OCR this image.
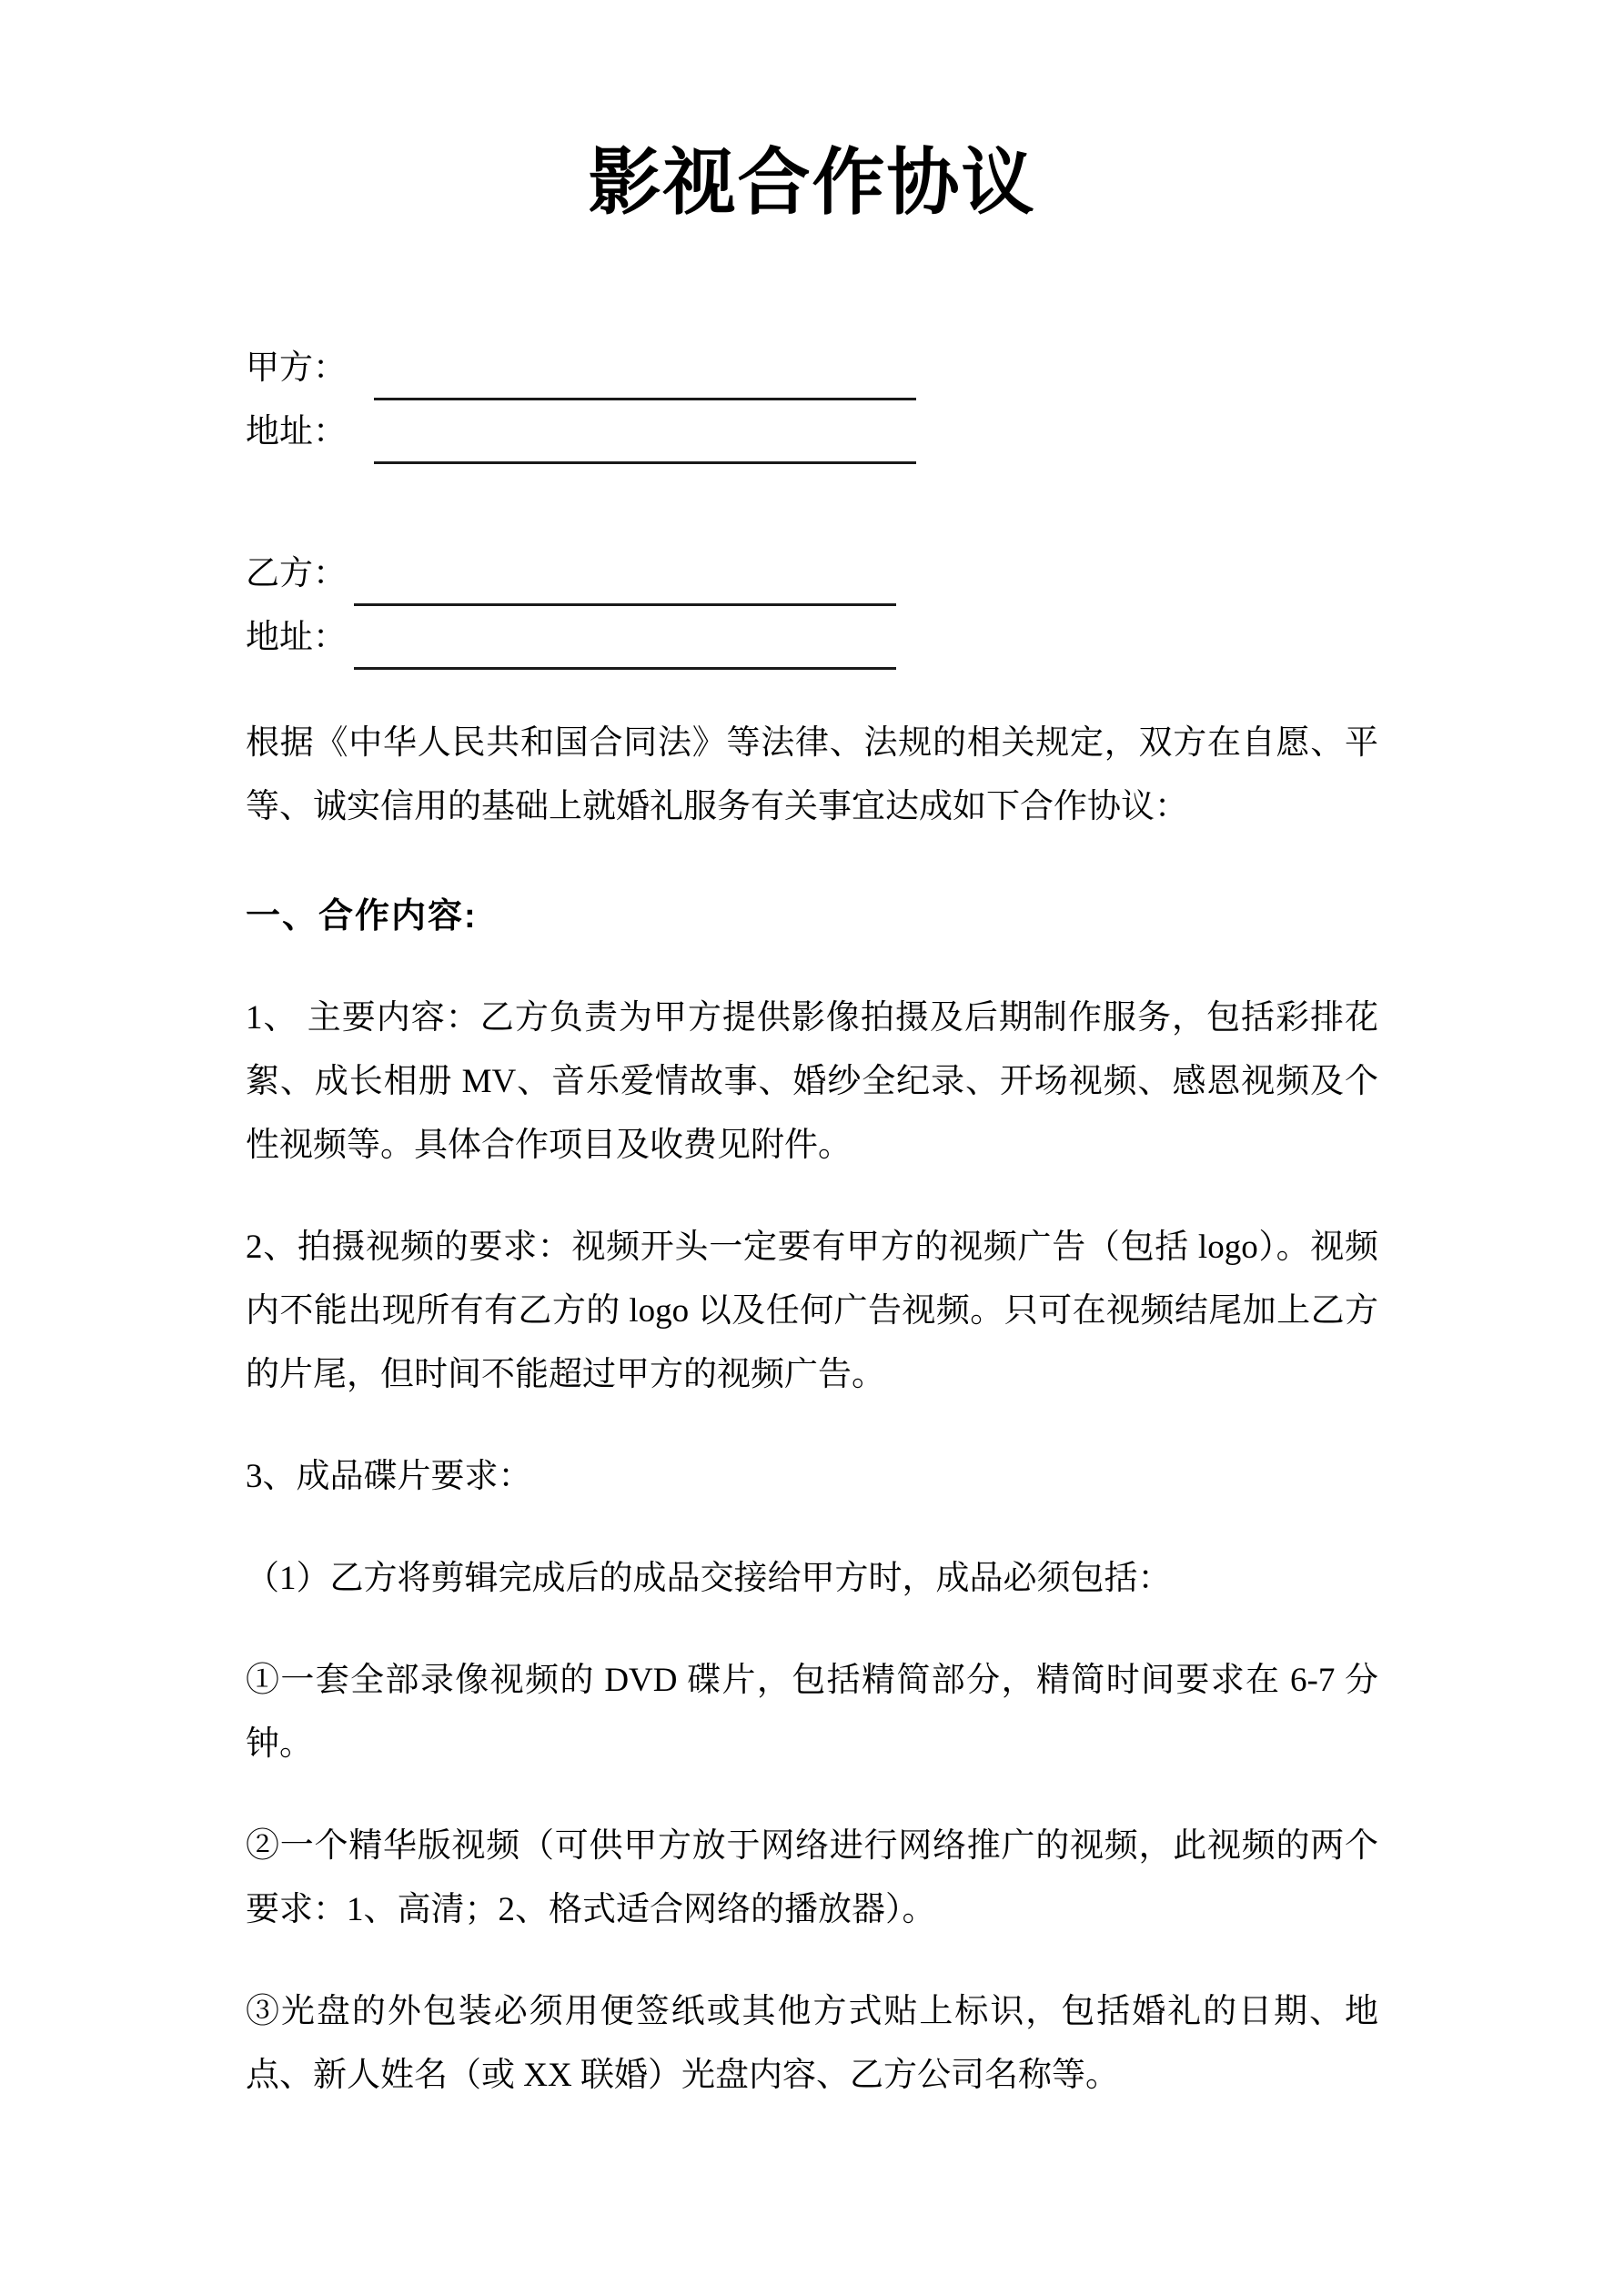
影视合作协议
甲方：
地址：
乙方：
地址：

根据《中华人民共和国合同法》等法律、法规的相关规定，双方在自愿、平等、诚实信用的基础上就婚礼服务有关事宜达成如下合作协议：

一、合作内容:

1、 主要内容：乙方负责为甲方提供影像拍摄及后期制作服务，包括彩排花絮、成长相册 MV、音乐爱情故事、婚纱全纪录、开场视频、感恩视频及个性视频等。具体合作项目及收费见附件。

2、拍摄视频的要求：视频开头一定要有甲方的视频广告（包括 logo）。视频内不能出现所有有乙方的 logo 以及任何广告视频。只可在视频结尾加上乙方的片尾，但时间不能超过甲方的视频广告。

3、成品碟片要求：

（1）乙方将剪辑完成后的成品交接给甲方时，成品必须包括：

①一套全部录像视频的 DVD 碟片，包括精简部分，精简时间要求在 6-7 分钟。

②一个精华版视频（可供甲方放于网络进行网络推广的视频，此视频的两个要求：1、高清；2、格式适合网络的播放器）。

③光盘的外包装必须用便签纸或其他方式贴上标识，包括婚礼的日期、地点、新人姓名（或 XX 联婚）光盘内容、乙方公司名称等。
